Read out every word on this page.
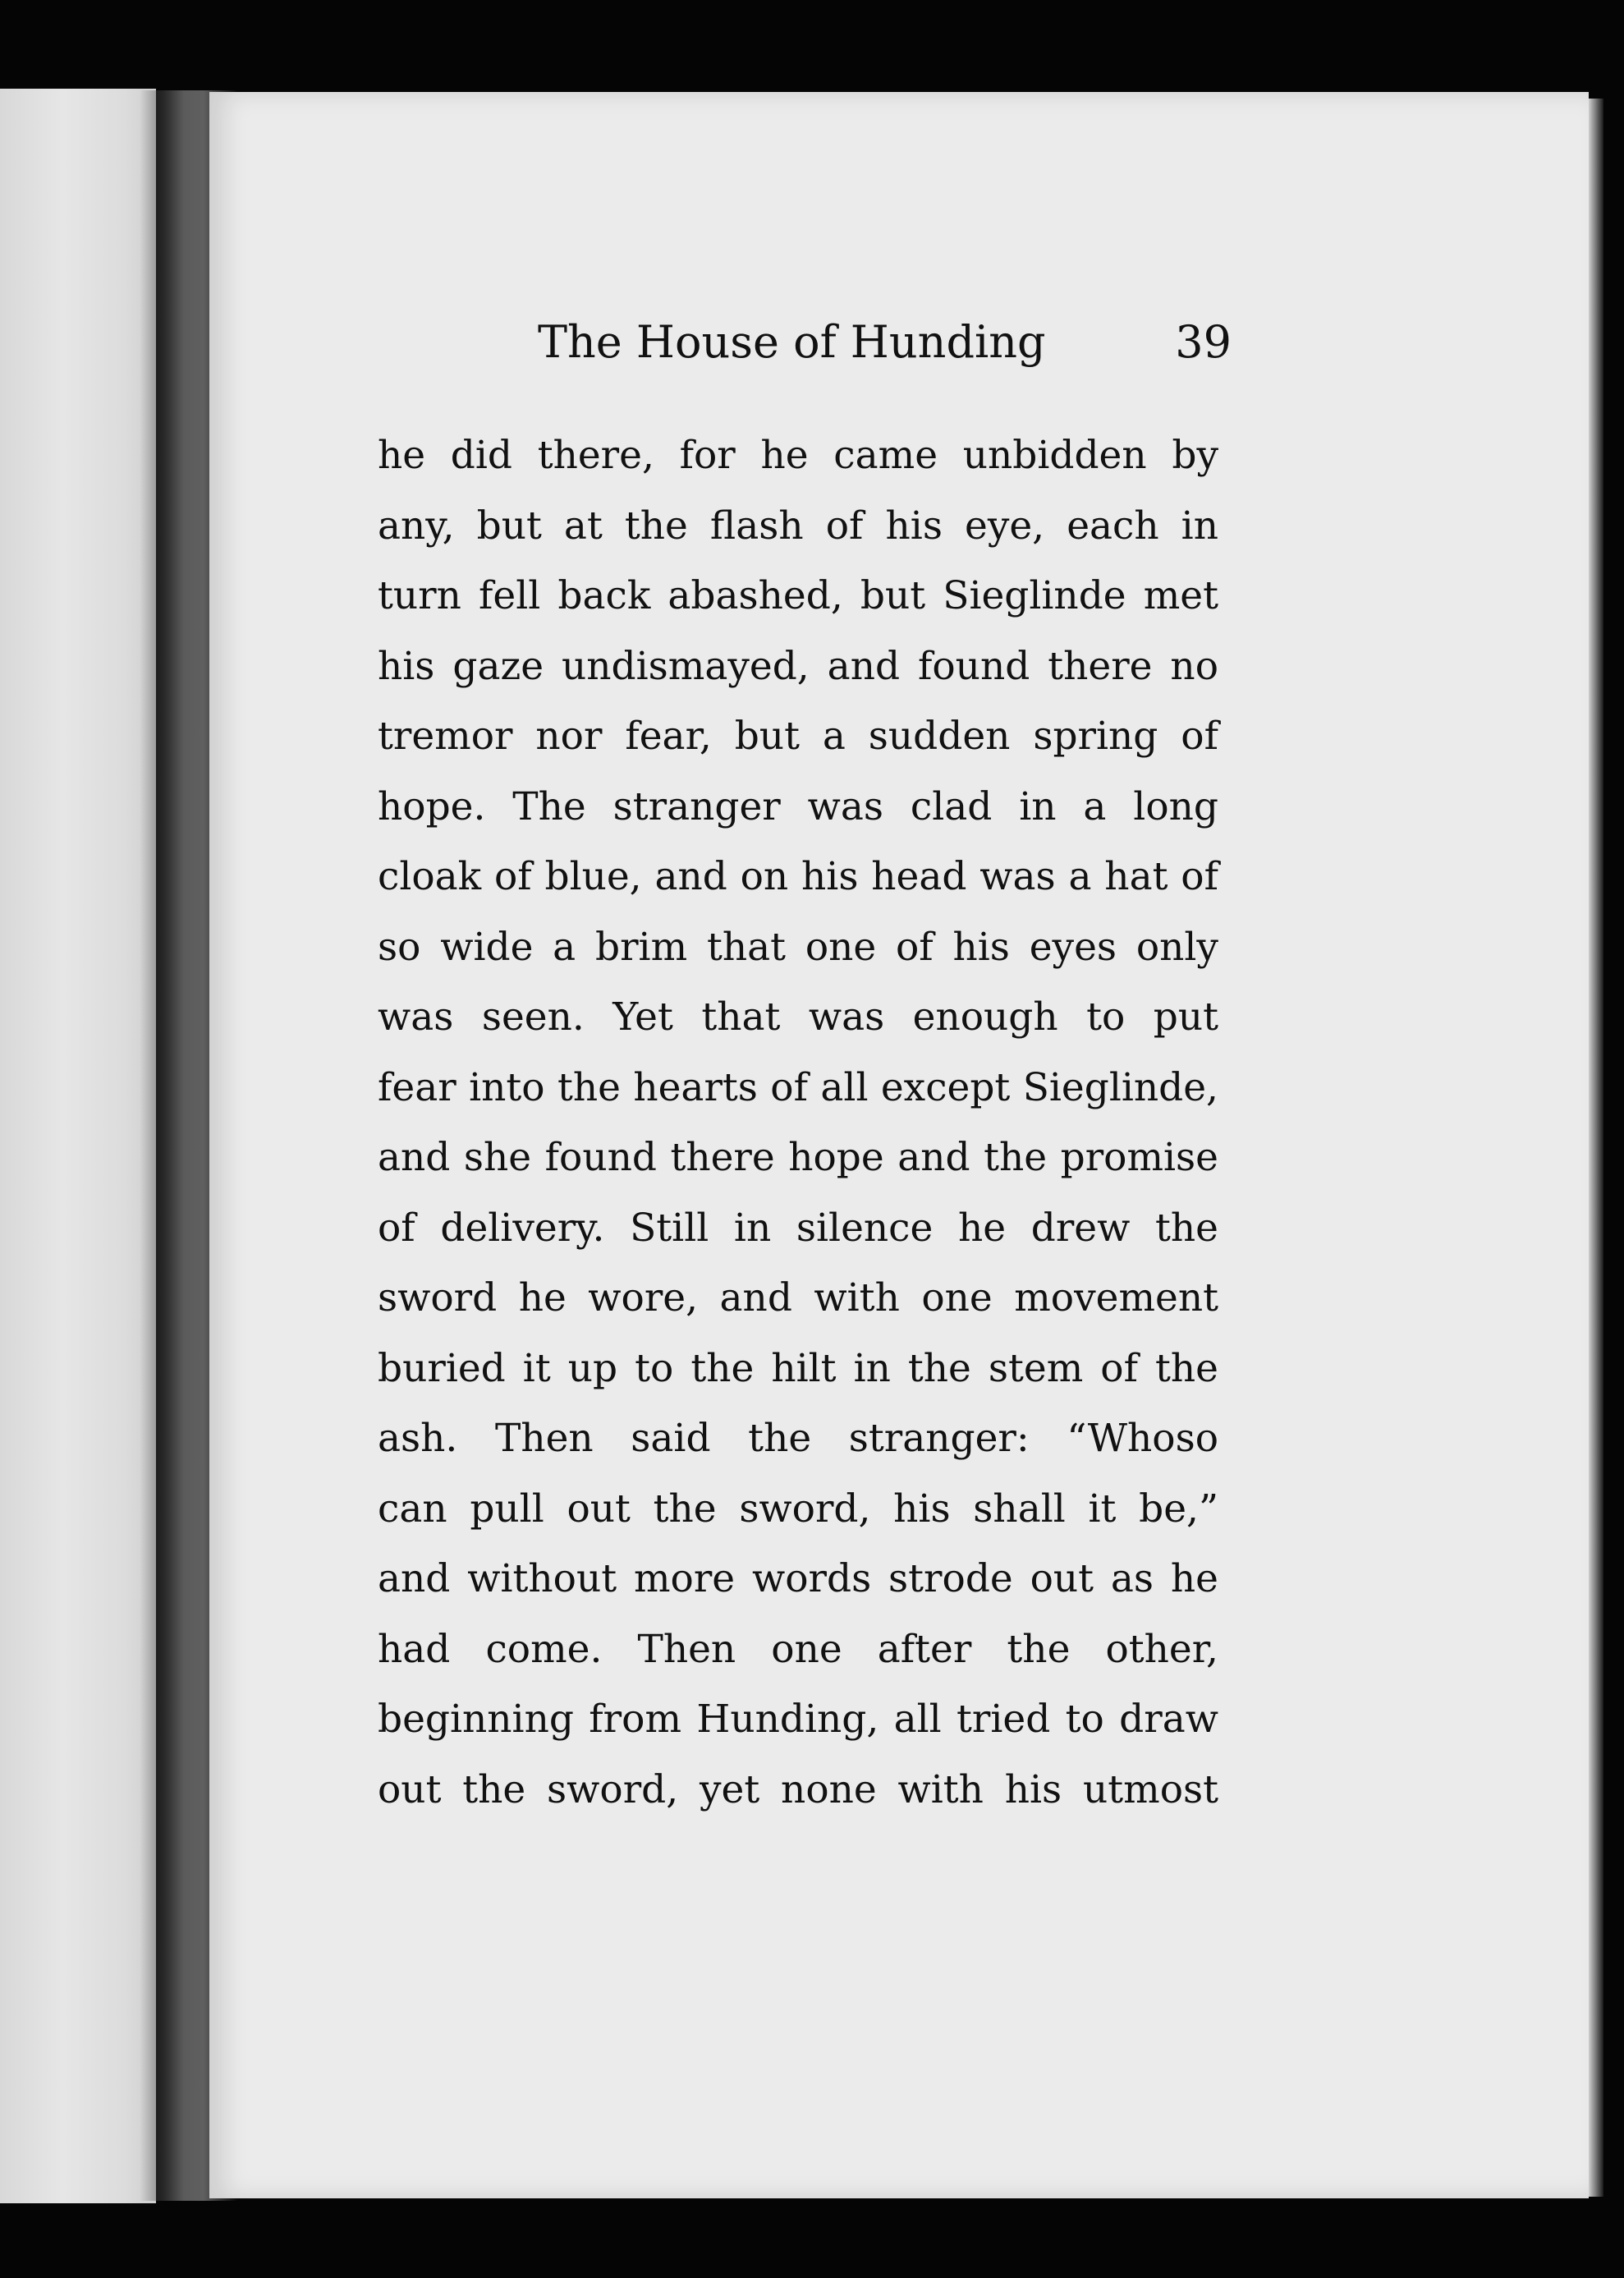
The House of Hunding	39
he did there, for he came unbidden by
any, but at the flash of his eye, each in
turn fell back abashed, but Sieglinde met
his gaze undismayed, and found there no
tremor nor fear, but a sudden spring of
hope. The stranger was clad in a long
cloak of blue, and on his head was a hat of
so wide a brim that one of his eyes only
was seen. Yet that was enough to put
fear into the hearts of all except Sieglinde,
and she found there hope and the promise
of delivery. Still in silence he drew the
sword he wore, and with one movement
buried it up to the hilt in the stem of the
ash. Then said the stranger: “Whoso
can pull out the sword, his shall it be,”
and without more words strode out as he
had come. Then one after the other,
beginning from Hunding, all tried to draw
out the sword, yet none with his utmost
